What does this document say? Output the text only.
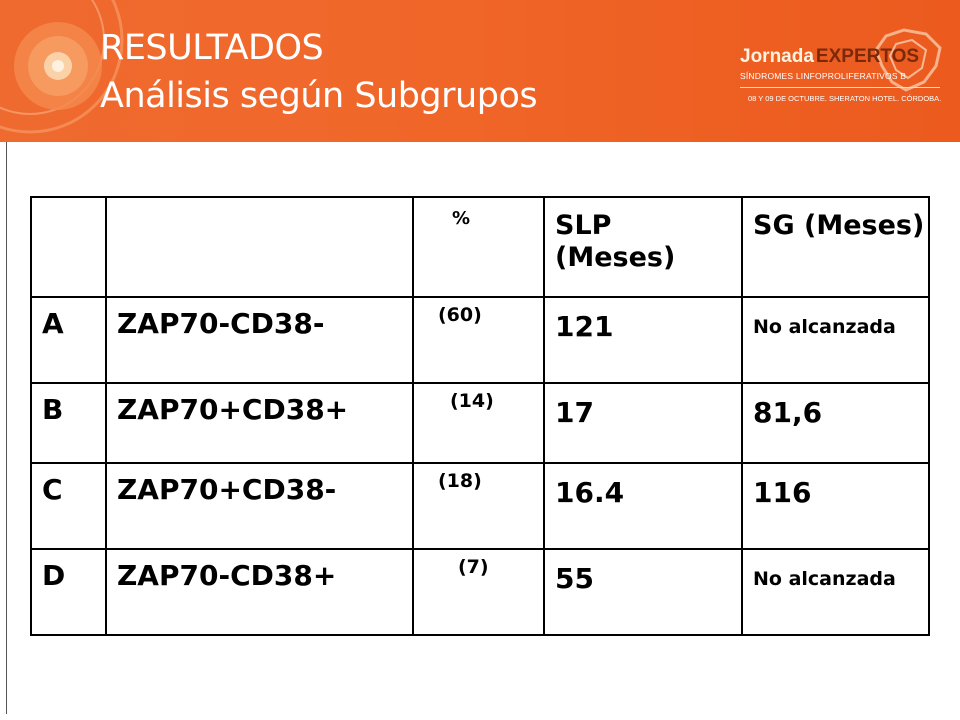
RESULTADOS
Análisis según Subgrupos
Jornada EXPERTOS
SÍNDROMES LINFOPROLIFERATIVOS B
08 Y 09 DE OCTUBRE. SHERATON HOTEL. CÓRDOBA.
		%	SLP (Meses)	SG (Meses)
A	ZAP70-CD38-	(60)	121	No alcanzada
B	ZAP70+CD38+	(14)	17	81,6
C	ZAP70+CD38-	(18)	16.4	116
D	ZAP70-CD38+	(7)	55	No alcanzada
